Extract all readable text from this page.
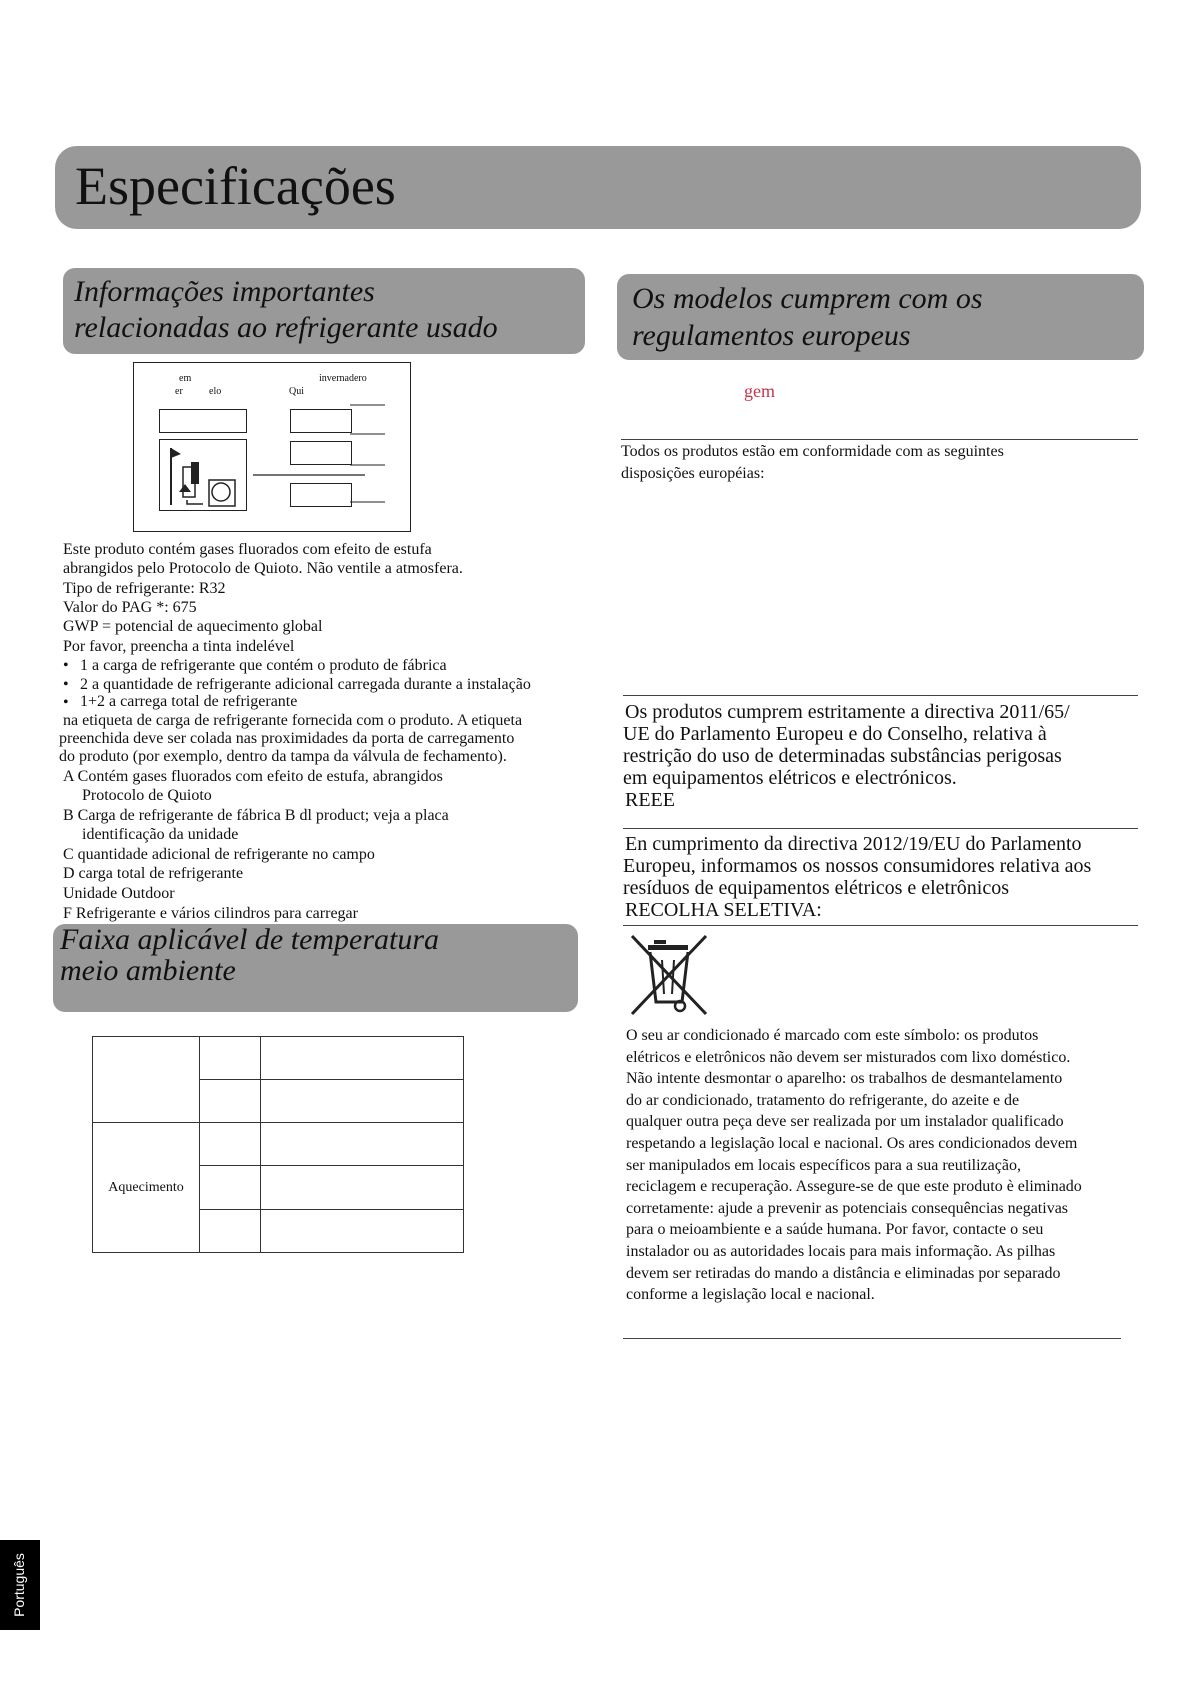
Especificações
Informações importantes
relacionadas ao refrigerante usado
em	invernadero
er	elo	Qui
Este produto contém gases fluorados com efeito de estufa
abrangidos pelo Protocolo de Quioto. Não ventile a atmosfera.
Tipo de refrigerante: R32
Valor do PAG *: 675
GWP = potencial de aquecimento global
Por favor, preencha a tinta indelével
• 1 a carga de refrigerante que contém o produto de fábrica
• 2 a quantidade de refrigerante adicional carregada durante a instalação
• 1+2 a carrega total de refrigerante
na etiqueta de carga de refrigerante fornecida com o produto. A etiqueta
preenchida deve ser colada nas proximidades da porta de carregamento
do produto (por exemplo, dentro da tampa da válvula de fechamento).
A Contém gases fluorados com efeito de estufa, abrangidos
Protocolo de Quioto
B Carga de refrigerante de fábrica B dl product; veja a placa
identificação da unidade
C quantidade adicional de refrigerante no campo
D carga total de refrigerante
Unidade Outdoor
F Refrigerante e vários cilindros para carregar
Faixa aplicável de temperatura
meio ambiente

Aquecimento		

Os modelos cumprem com os
regulamentos europeus
gem
Todos os produtos estão em conformidade com as seguintes
disposições européias:
Os produtos cumprem estritamente a directiva 2011/65/
UE do Parlamento Europeu e do Conselho, relativa à
restrição do uso de determinadas substâncias perigosas
em equipamentos elétricos e electrónicos.
REEE
En cumprimento da directiva 2012/19/EU do Parlamento
Europeu, informamos os nossos consumidores relativa aos
resíduos de equipamentos elétricos e eletrônicos
RECOLHA SELETIVA:
O seu ar condicionado é marcado com este símbolo: os produtos
elétricos e eletrônicos não devem ser misturados com lixo doméstico.
Não intente desmontar o aparelho: os trabalhos de desmantelamento
do ar condicionado, tratamento do refrigerante, do azeite e de
qualquer outra peça deve ser realizada por um instalador qualificado
respetando a legislação local e nacional. Os ares condicionados devem
ser manipulados em locais específicos para a sua reutilização,
reciclagem e recuperação. Assegure-se de que este produto è eliminado
corretamente: ajude a prevenir as potenciais consequências negativas
para o meioambiente e a saúde humana. Por favor, contacte o seu
instalador ou as autoridades locais para mais informação. As pilhas
devem ser retiradas do mando a distância e eliminadas por separado
conforme a legislação local e nacional.
Português
